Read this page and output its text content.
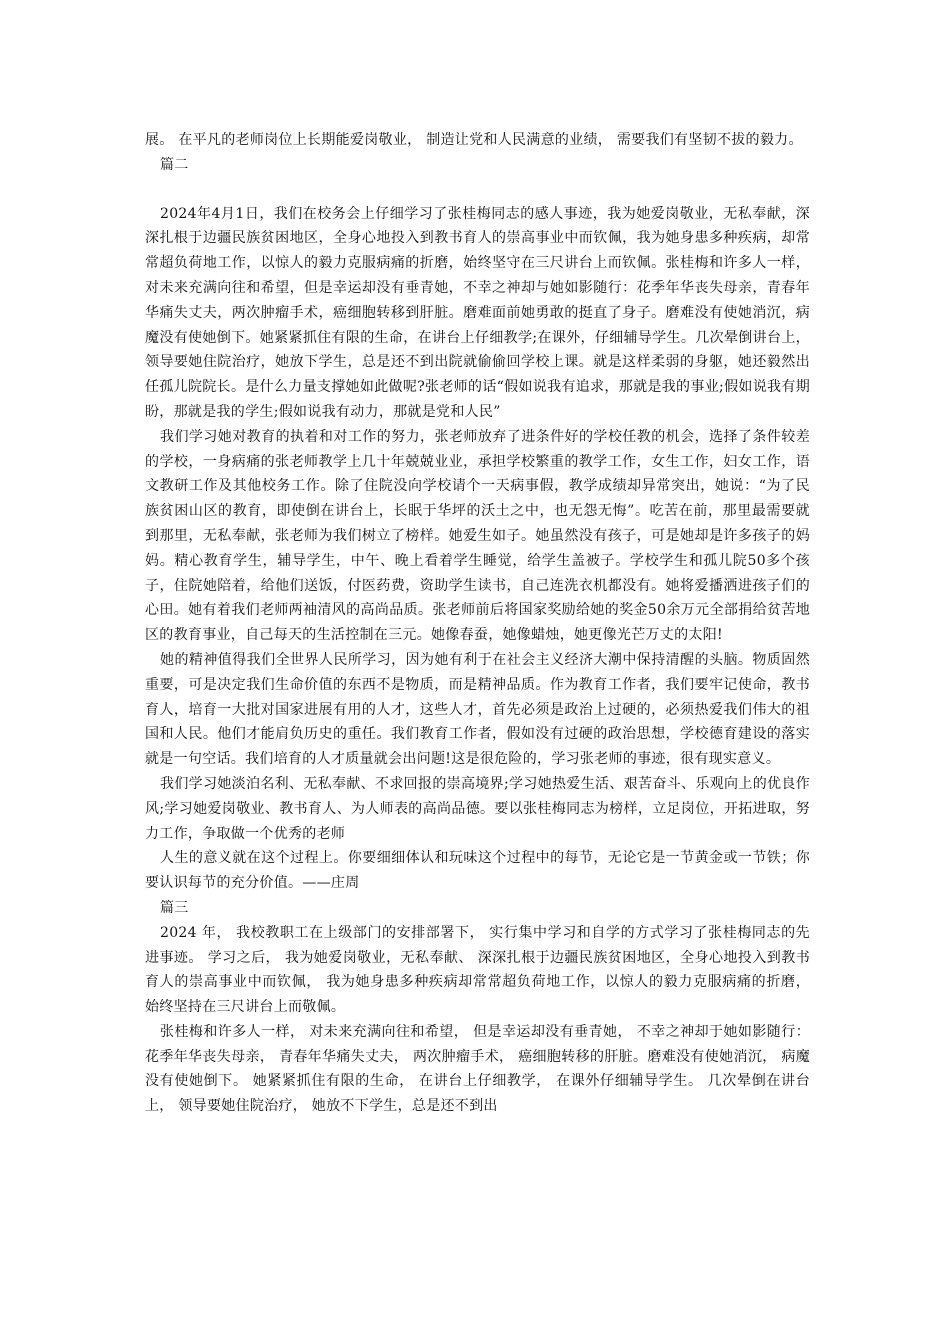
展。 在平凡的老师岗位上长期能爱岗敬业， 制造让党和人民满意的业绩， 需要我们有坚韧不拔的毅力。

篇二

2024年4月1日，我们在校务会上仔细学习了张桂梅同志的感人事迹，我为她爱岗敬业，无私奉献，深深扎根于边疆民族贫困地区，全身心地投入到教书育人的崇高事业中而钦佩，我为她身患多种疾病，却常常超负荷地工作，以惊人的毅力克服病痛的折磨，始终坚守在三尺讲台上而钦佩。张桂梅和许多人一样，对未来充满向往和希望，但是幸运却没有垂青她，不幸之神却与她如影随行：花季年华丧失母亲，青春年华痛失丈夫，两次肿瘤手术，癌细胞转移到肝脏。磨难面前她勇敢的挺直了身子。磨难没有使她消沉，病魔没有使她倒下。她紧紧抓住有限的生命，在讲台上仔细教学;在课外，仔细辅导学生。几次晕倒讲台上，领导要她住院治疗，她放下学生，总是还不到出院就偷偷回学校上课。就是这样柔弱的身躯，她还毅然出任孤儿院院长。是什么力量支撑她如此做呢?张老师的话“假如说我有追求，那就是我的事业;假如说我有期盼，那就是我的学生;假如说我有动力，那就是党和人民”

我们学习她对教育的执着和对工作的努力，张老师放弃了进条件好的学校任教的机会，选择了条件较差的学校，一身病痛的张老师教学上几十年兢兢业业，承担学校繁重的教学工作，女生工作，妇女工作，语文教研工作及其他校务工作。除了住院没向学校请个一天病事假，教学成绩却异常突出，她说：“为了民族贫困山区的教育，即使倒在讲台上，长眠于华坪的沃土之中，也无怨无悔”。吃苦在前，那里最需要就到那里，无私奉献，张老师为我们树立了榜样。她爱生如子。她虽然没有孩子，可是她却是许多孩子的妈妈。精心教育学生，辅导学生，中午、晚上看着学生睡觉，给学生盖被子。学校学生和孤儿院50多个孩子，住院她陪着，给他们送饭，付医药费，资助学生读书，自己连洗衣机都没有。她将爱播洒进孩子们的心田。她有着我们老师两袖清风的高尚品质。张老师前后将国家奖励给她的奖金50余万元全部捐给贫苦地区的教育事业，自己每天的生活控制在三元。她像春蚕，她像蜡烛，她更像光芒万丈的太阳!

她的精神值得我们全世界人民所学习，因为她有利于在社会主义经济大潮中保持清醒的头脑。物质固然重要，可是决定我们生命价值的东西不是物质，而是精神品质。作为教育工作者，我们要牢记使命，教书育人，培育一大批对国家进展有用的人才，这些人才，首先必须是政治上过硬的，必须热爱我们伟大的祖国和人民。他们才能肩负历史的重任。我们教育工作者，假如没有过硬的政治思想，学校德育建设的落实就是一句空话。我们培育的人才质量就会出问题!这是很危险的，学习张老师的事迹，很有现实意义。

我们学习她淡泊名利、无私奉献、不求回报的崇高境界;学习她热爱生活、艰苦奋斗、乐观向上的优良作风;学习她爱岗敬业、教书育人、为人师表的高尚品德。要以张桂梅同志为榜样，立足岗位，开拓进取，努力工作，争取做一个优秀的老师

人生的意义就在这个过程上。你要细细体认和玩味这个过程中的每节，无论它是一节黄金或一节铁；你要认识每节的充分价值。——庄周

篇三

2024 年， 我校教职工在上级部门的安排部署下， 实行集中学习和自学的方式学习了张桂梅同志的先进事迹。 学习之后， 我为她爱岗敬业，无私奉献、 深深扎根于边疆民族贫困地区，全身心地投入到教书育人的崇高事业中而钦佩， 我为她身患多种疾病却常常超负荷地工作，以惊人的毅力克服病痛的折磨， 始终坚持在三尺讲台上而敬佩。

张桂梅和许多人一样， 对未来充满向往和希望， 但是幸运却没有垂青她， 不幸之神却于她如影随行： 花季年华丧失母亲， 青春年华痛失丈夫， 两次肿瘤手术， 癌细胞转移的肝脏。磨难没有使她消沉， 病魔没有使她倒下。 她紧紧抓住有限的生命， 在讲台上仔细教学， 在课外仔细辅导学生。 几次晕倒在讲台上， 领导要她住院治疗， 她放不下学生，总是还不到出
